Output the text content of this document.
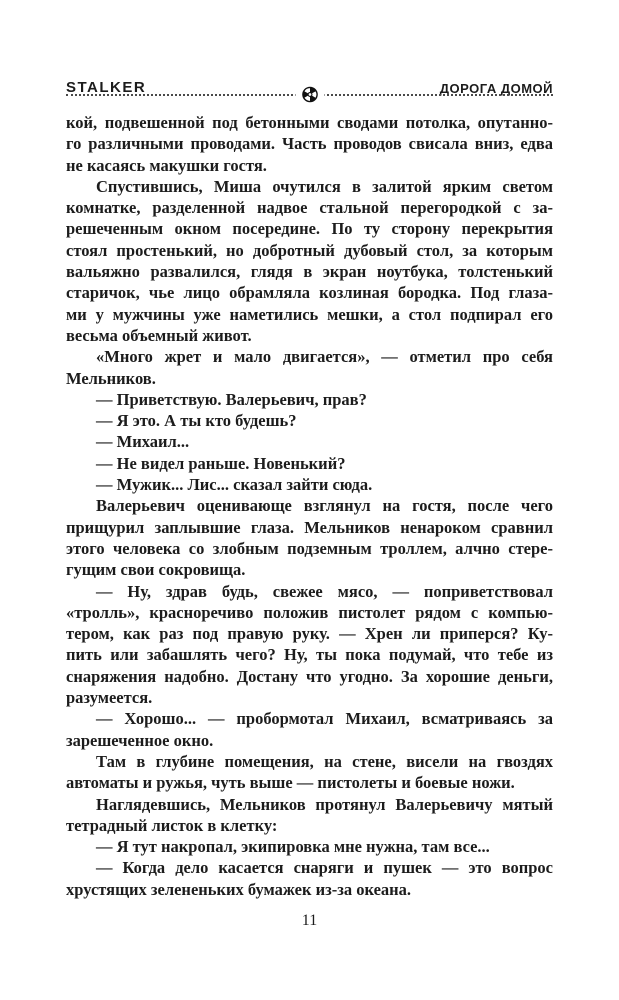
STALKER	ДОРОГА ДОМОЙ
кой, подвешенной под бетонными сводами потолка, опутанно-
го различными проводами. Часть проводов свисала вниз, едва
не касаясь макушки гостя.
Спустившись, Миша очутился в залитой ярким светом
комнатке, разделенной надвое стальной перегородкой с за-
решеченным окном посередине. По ту сторону перекрытия
стоял простенький, но добротный дубовый стол, за которым
вальяжно развалился, глядя в экран ноутбука, толстенький
старичок, чье лицо обрамляла козлиная бородка. Под глаза-
ми у мужчины уже наметились мешки, а стол подпирал его
весьма объемный живот.
«Много жрет и мало двигается», — отметил про себя
Мельников.
— Приветствую. Валерьевич, прав?
— Я это. А ты кто будешь?
— Михаил...
— Не видел раньше. Новенький?
— Мужик... Лис... сказал зайти сюда.
Валерьевич оценивающе взглянул на гостя, после чего
прищурил заплывшие глаза. Мельников ненароком сравнил
этого человека со злобным подземным троллем, алчно стере-
гущим свои сокровища.
— Ну, здрав будь, свежее мясо, — поприветствовал
«тролль», красноречиво положив пистолет рядом с компью-
тером, как раз под правую руку. — Хрен ли приперся? Ку-
пить или забашлять чего? Ну, ты пока подумай, что тебе из
снаряжения надобно. Достану что угодно. За хорошие деньги,
разумеется.
— Хорошо... — пробормотал Михаил, всматриваясь за
зарешеченное окно.
Там в глубине помещения, на стене, висели на гвоздях
автоматы и ружья, чуть выше — пистолеты и боевые ножи.
Наглядевшись, Мельников протянул Валерьевичу мятый
тетрадный листок в клетку:
— Я тут накропал, экипировка мне нужна, там все...
— Когда дело касается снаряги и пушек — это вопрос
хрустящих зелененьких бумажек из-за океана.
11
